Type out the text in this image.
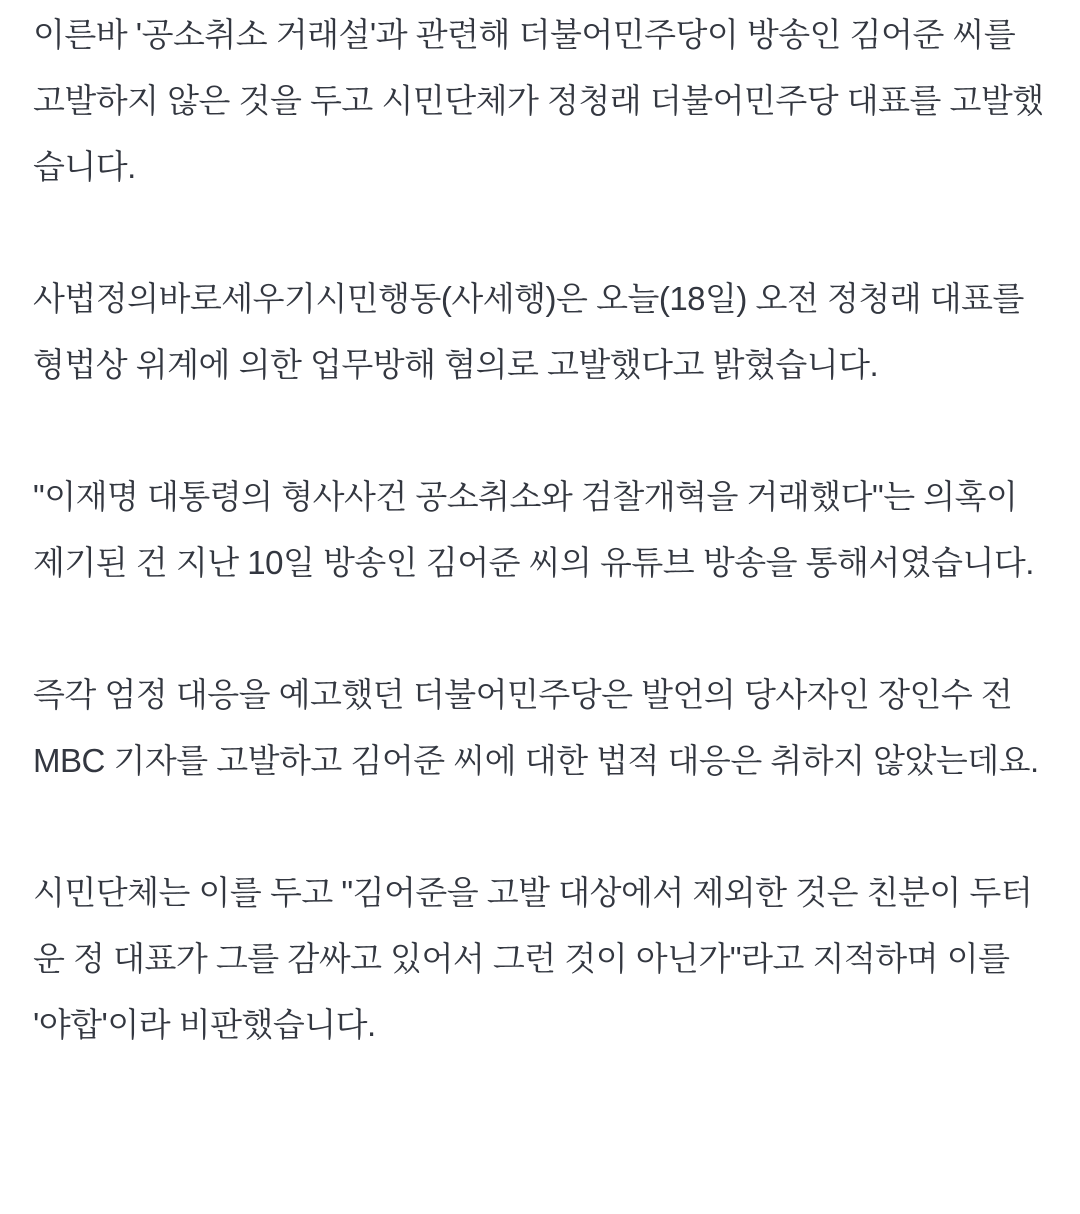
이른바 '공소취소 거래설'과 관련해 더불어민주당이 방송인 김어준 씨를 고발하지 않은 것을 두고 시민단체가 정청래 더불어민주당 대표를 고발했습니다.

사법정의바로세우기시민행동(사세행)은 오늘(18일) 오전 정청래 대표를 형법상 위계에 의한 업무방해 혐의로 고발했다고 밝혔습니다.

"이재명 대통령의 형사사건 공소취소와 검찰개혁을 거래했다"는 의혹이 제기된 건 지난 10일 방송인 김어준 씨의 유튜브 방송을 통해서였습니다.

즉각 엄정 대응을 예고했던 더불어민주당은 발언의 당사자인 장인수 전 MBC 기자를 고발하고 김어준 씨에 대한 법적 대응은 취하지 않았는데요.

시민단체는 이를 두고 "김어준을 고발 대상에서 제외한 것은 친분이 두터운 정 대표가 그를 감싸고 있어서 그런 것이 아닌가"라고 지적하며 이를 '야합'이라 비판했습니다.
